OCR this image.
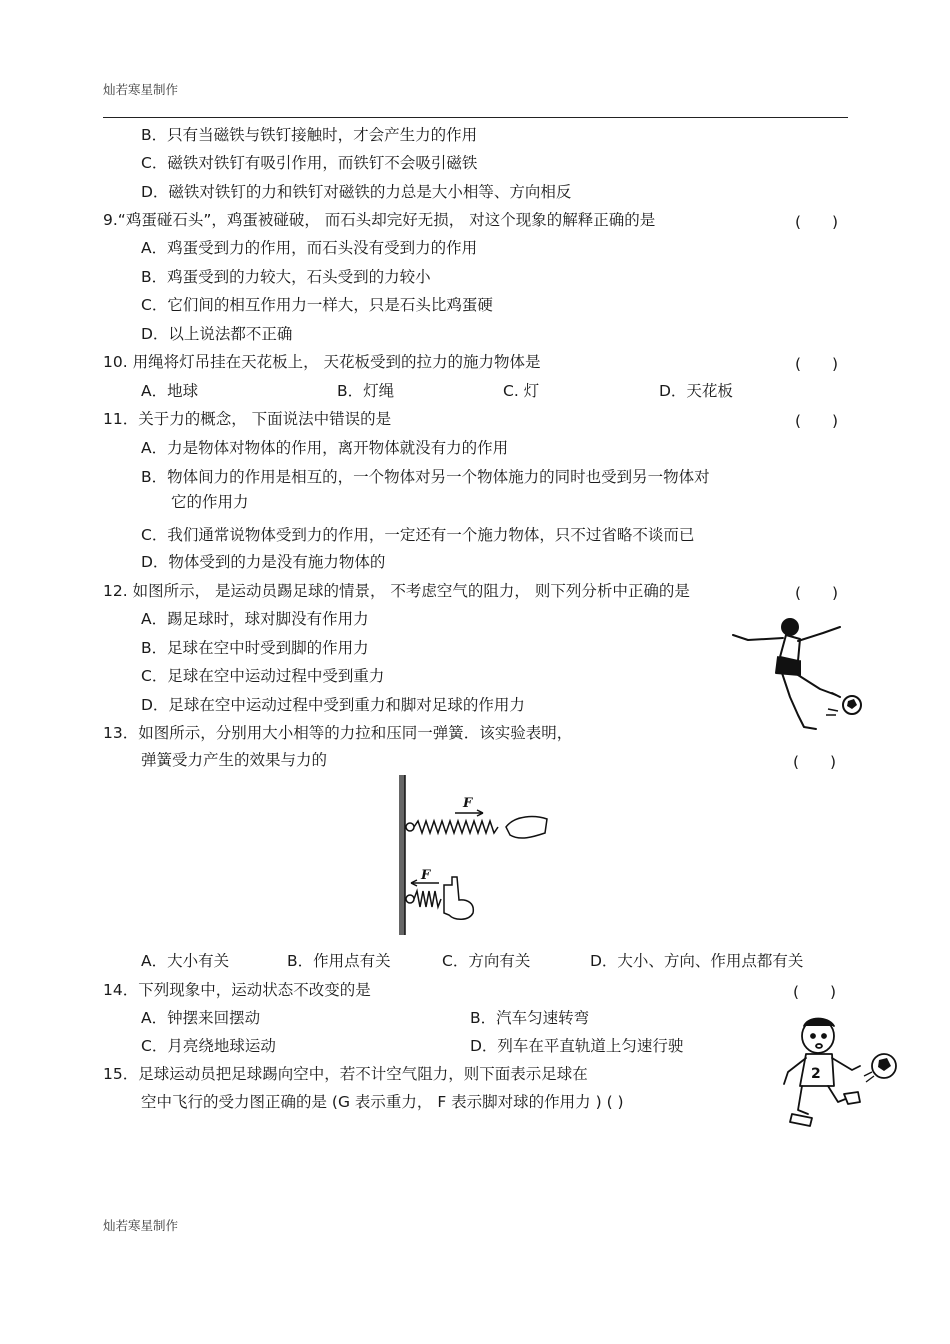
灿若寒星制作
B．只有当磁铁与铁钉接触时，才会产生力的作用
C．磁铁对铁钉有吸引作用，而铁钉不会吸引磁铁
D．磁铁对铁钉的力和铁钉对磁铁的力总是大小相等、方向相反
9.“鸡蛋碰石头”，鸡蛋被碰破， 而石头却完好无损， 对这个现象的解释正确的是	(　　)
A．鸡蛋受到力的作用，而石头没有受到力的作用
B．鸡蛋受到的力较大，石头受到的力较小
C．它们间的相互作用力一样大，只是石头比鸡蛋硬
D．以上说法都不正确
10. 用绳将灯吊挂在天花板上， 天花板受到的拉力的施力物体是	(　　)
A．地球	B．灯绳	C. 灯	D．天花板
11．关于力的概念， 下面说法中错误的是	(　　)
A．力是物体对物体的作用，离开物体就没有力的作用
B．物体间力的作用是相互的，一个物体对另一个物体施力的同时也受到另一物体对
它的作用力
C．我们通常说物体受到力的作用，一定还有一个施力物体，只不过省略不谈而已
D．物体受到的力是没有施力物体的
12. 如图所示， 是运动员踢足球的情景， 不考虑空气的阻力， 则下列分析中正确的是	(　　)
A．踢足球时，球对脚没有作用力
B．足球在空中时受到脚的作用力
C．足球在空中运动过程中受到重力
D．足球在空中运动过程中受到重力和脚对足球的作用力
13．如图所示，分别用大小相等的力拉和压同一弹簧．该实验表明，
弹簧受力产生的效果与力的	(　　)
F
F
A．大小有关	B．作用点有关	C．方向有关	D．大小、方向、作用点都有关
14．下列现象中，运动状态不改变的是	(　　)
A．钟摆来回摆动	B．汽车匀速转弯
C．月亮绕地球运动	D．列车在平直轨道上匀速行驶
15．足球运动员把足球踢向空中，若不计空气阻力，则下面表示足球在
空中飞行的受力图正确的是 (G 表示重力， F 表示脚对球的作用力 ) ( )
2
灿若寒星制作
